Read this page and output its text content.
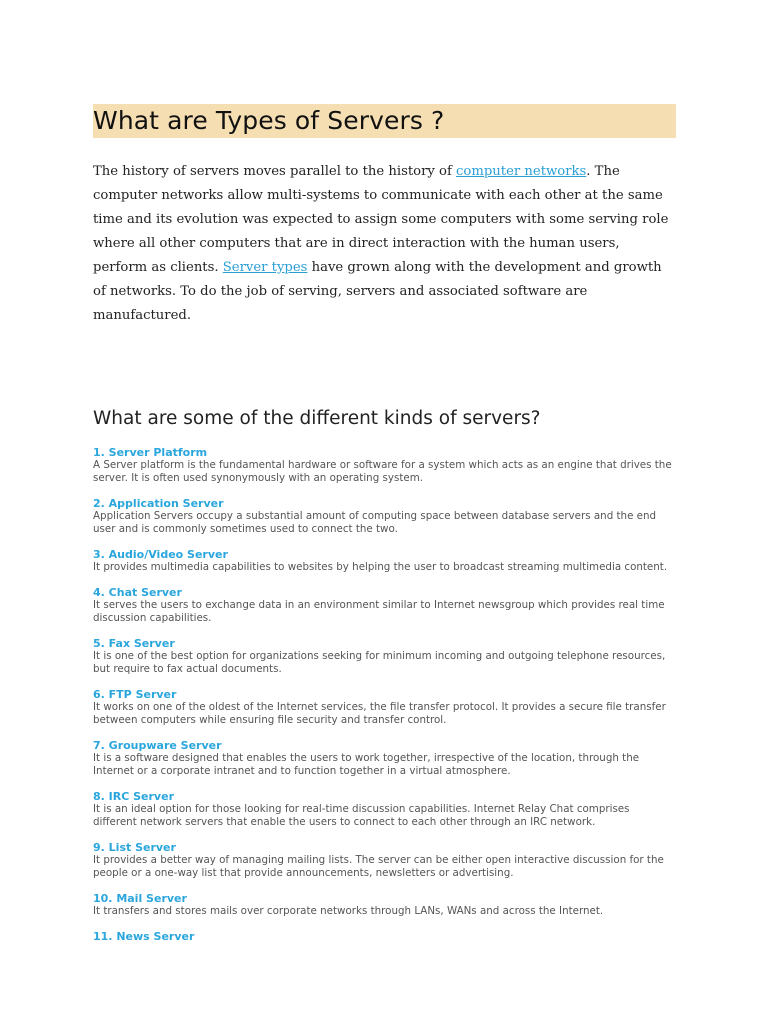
What are Types of Servers ?

The history of servers moves parallel to the history of computer networks. The computer networks allow multi-systems to communicate with each other at the same time and its evolution was expected to assign some computers with some serving role where all other computers that are in direct interaction with the human users, perform as clients. Server types have grown along with the development and growth of networks. To do the job of serving, servers and associated software are manufactured.

What are some of the different kinds of servers?
1. Server Platform
A Server platform is the fundamental hardware or software for a system which acts as an engine that drives the server. It is often used synonymously with an operating system.
2. Application Server
Application Servers occupy a substantial amount of computing space between database servers and the end user and is commonly sometimes used to connect the two.
3. Audio/Video Server
It provides multimedia capabilities to websites by helping the user to broadcast streaming multimedia content.
4. Chat Server
It serves the users to exchange data in an environment similar to Internet newsgroup which provides real time discussion capabilities.
5. Fax Server
It is one of the best option for organizations seeking for minimum incoming and outgoing telephone resources, but require to fax actual documents.
6. FTP Server
It works on one of the oldest of the Internet services, the file transfer protocol. It provides a secure file transfer between computers while ensuring file security and transfer control.
7. Groupware Server
It is a software designed that enables the users to work together, irrespective of the location, through the Internet or a corporate intranet and to function together in a virtual atmosphere.
8. IRC Server
It is an ideal option for those looking for real-time discussion capabilities. Internet Relay Chat comprises different network servers that enable the users to connect to each other through an IRC network.
9. List Server
It provides a better way of managing mailing lists. The server can be either open interactive discussion for the people or a one-way list that provide announcements, newsletters or advertising.
10. Mail Server
It transfers and stores mails over corporate networks through LANs, WANs and across the Internet.
11. News Server
